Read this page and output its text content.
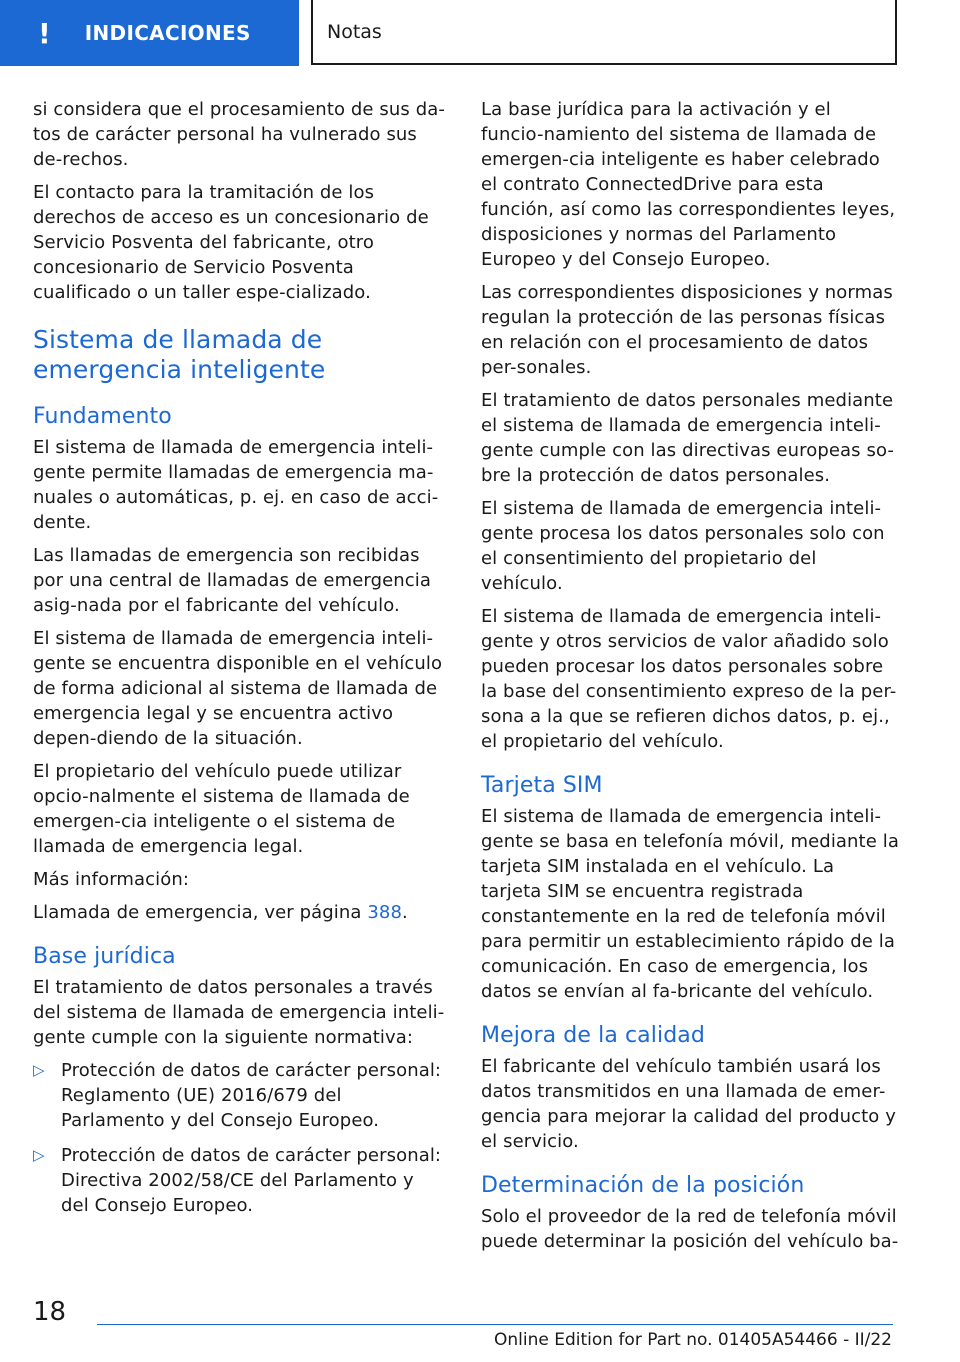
! INDICACIONES	Notas

si considera que el procesamiento de sus da-tos de carácter personal ha vulnerado sus de-rechos.

El contacto para la tramitación de los derechos de acceso es un concesionario de Servicio Posventa del fabricante, otro concesionario de Servicio Posventa cualificado o un taller espe-cializado.

Sistema de llamada de emergencia inteligente
Fundamento

El sistema de llamada de emergencia inteli-gente permite llamadas de emergencia ma-nuales o automáticas, p. ej. en caso de acci-dente.

Las llamadas de emergencia son recibidas por una central de llamadas de emergencia asig-nada por el fabricante del vehículo.

El sistema de llamada de emergencia inteli-gente se encuentra disponible en el vehículo de forma adicional al sistema de llamada de emergencia legal y se encuentra activo depen-diendo de la situación.

El propietario del vehículo puede utilizar opcio-nalmente el sistema de llamada de emergen-cia inteligente o el sistema de llamada de emergencia legal.

Más información:

Llamada de emergencia, ver página 388.

Base jurídica

El tratamiento de datos personales a través del sistema de llamada de emergencia inteli-gente cumple con la siguiente normativa:

▷ Protección de datos de carácter personal: Reglamento (UE) 2016/679 del Parlamento y del Consejo Europeo.
▷ Protección de datos de carácter personal: Directiva 2002/58/CE del Parlamento y del Consejo Europeo.

La base jurídica para la activación y el funcio-namiento del sistema de llamada de emergen-cia inteligente es haber celebrado el contrato ConnectedDrive para esta función, así como las correspondientes leyes, disposiciones y normas del Parlamento Europeo y del Consejo Europeo.

Las correspondientes disposiciones y normas regulan la protección de las personas físicas en relación con el procesamiento de datos per-sonales.

El tratamiento de datos personales mediante el sistema de llamada de emergencia inteli-gente cumple con las directivas europeas so-bre la protección de datos personales.

El sistema de llamada de emergencia inteli-gente procesa los datos personales solo con el consentimiento del propietario del vehículo.

El sistema de llamada de emergencia inteli-gente y otros servicios de valor añadido solo pueden procesar los datos personales sobre la base del consentimiento expreso de la per-sona a la que se refieren dichos datos, p. ej., el propietario del vehículo.

Tarjeta SIM

El sistema de llamada de emergencia inteli-gente se basa en telefonía móvil, mediante la tarjeta SIM instalada en el vehículo. La tarjeta SIM se encuentra registrada constantemente en la red de telefonía móvil para permitir un establecimiento rápido de la comunicación. En caso de emergencia, los datos se envían al fa-bricante del vehículo.

Mejora de la calidad

El fabricante del vehículo también usará los datos transmitidos en una llamada de emer-gencia para mejorar la calidad del producto y el servicio.

Determinación de la posición

Solo el proveedor de la red de telefonía móvil puede determinar la posición del vehículo ba-

18
Online Edition for Part no. 01405A54466 - II/22
